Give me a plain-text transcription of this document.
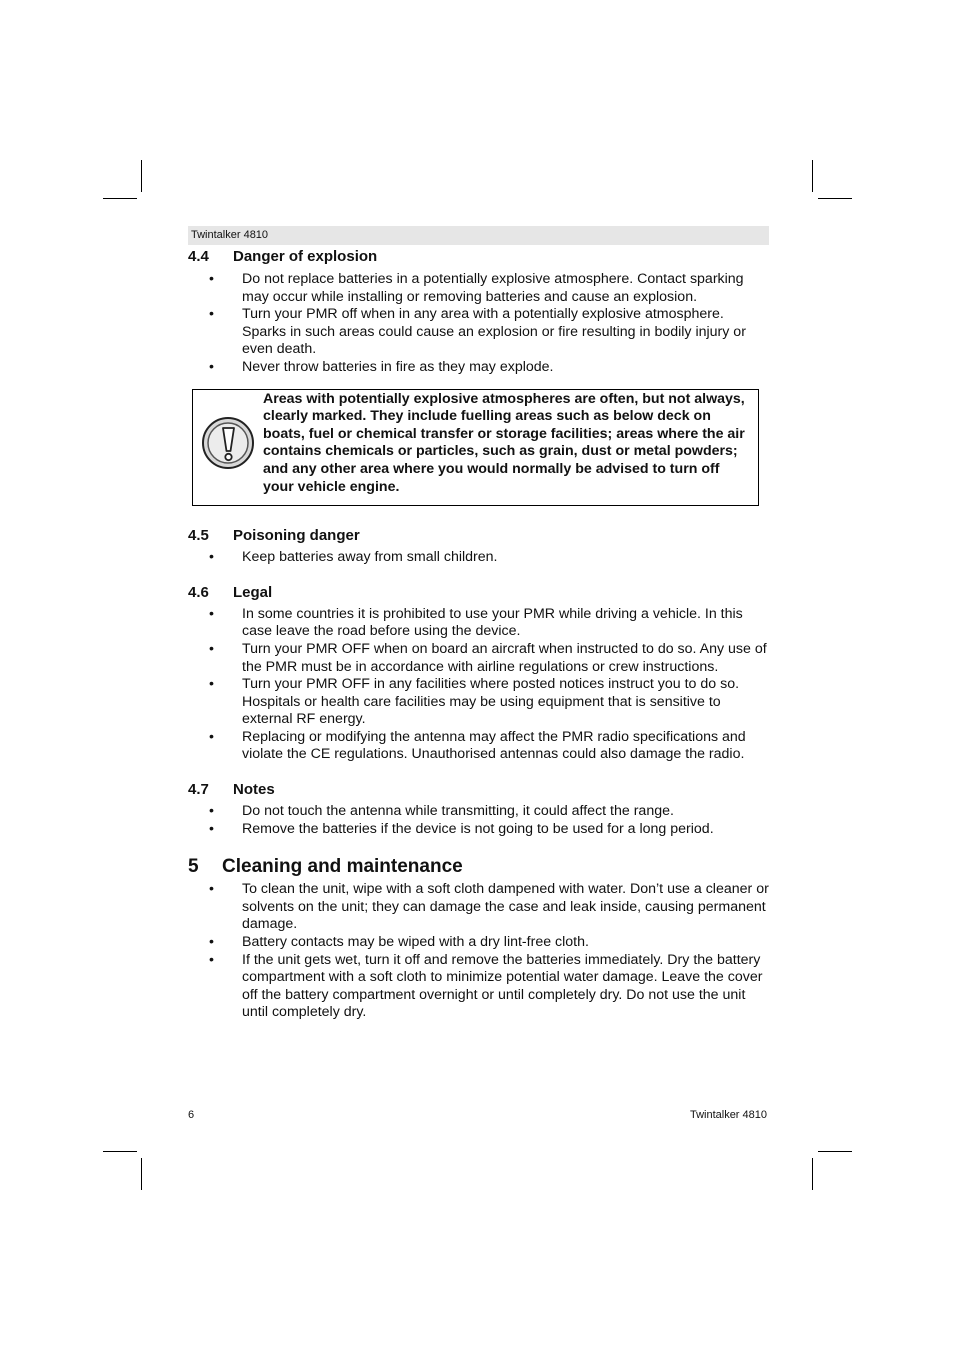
Twintalker 4810
4.4	Danger of explosion
• Do not replace batteries in a potentially explosive atmosphere. Contact sparking may occur while installing or removing batteries and cause an explosion.
• Turn your PMR off when in any area with a potentially explosive atmosphere. Sparks in such areas could cause an explosion or fire resulting in bodily injury or even death.
• Never throw batteries in fire as they may explode.
Areas with potentially explosive atmospheres are often, but not always, clearly marked. They include fuelling areas such as below deck on boats, fuel or chemical transfer or storage facilities; areas where the air contains chemicals or particles, such as grain, dust or metal powders; and any other area where you would normally be advised to turn off your vehicle engine.
4.5	Poisoning danger
• Keep batteries away from small children.
4.6	Legal
• In some countries it is prohibited to use your PMR while driving a vehicle. In this case leave the road before using the device.
• Turn your PMR OFF when on board an aircraft when instructed to do so. Any use of the PMR must be in accordance with airline regulations or crew instructions.
• Turn your PMR OFF in any facilities where posted notices instruct you to do so. Hospitals or health care facilities may be using equipment that is sensitive to external RF energy.
• Replacing or modifying the antenna may affect the PMR radio specifications and violate the CE regulations. Unauthorised antennas could also damage the radio.
4.7	Notes
• Do not touch the antenna while transmitting, it could affect the range.
• Remove the batteries if the device is not going to be used for a long period.
5	Cleaning and maintenance
• To clean the unit, wipe with a soft cloth dampened with water. Don’t use a cleaner or solvents on the unit; they can damage the case and leak inside, causing permanent damage.
• Battery contacts may be wiped with a dry lint-free cloth.
• If the unit gets wet, turn it off and remove the batteries immediately. Dry the battery compartment with a soft cloth to minimize potential water damage. Leave the cover off the battery compartment overnight or until completely dry. Do not use the unit until completely dry.
6	Twintalker 4810
